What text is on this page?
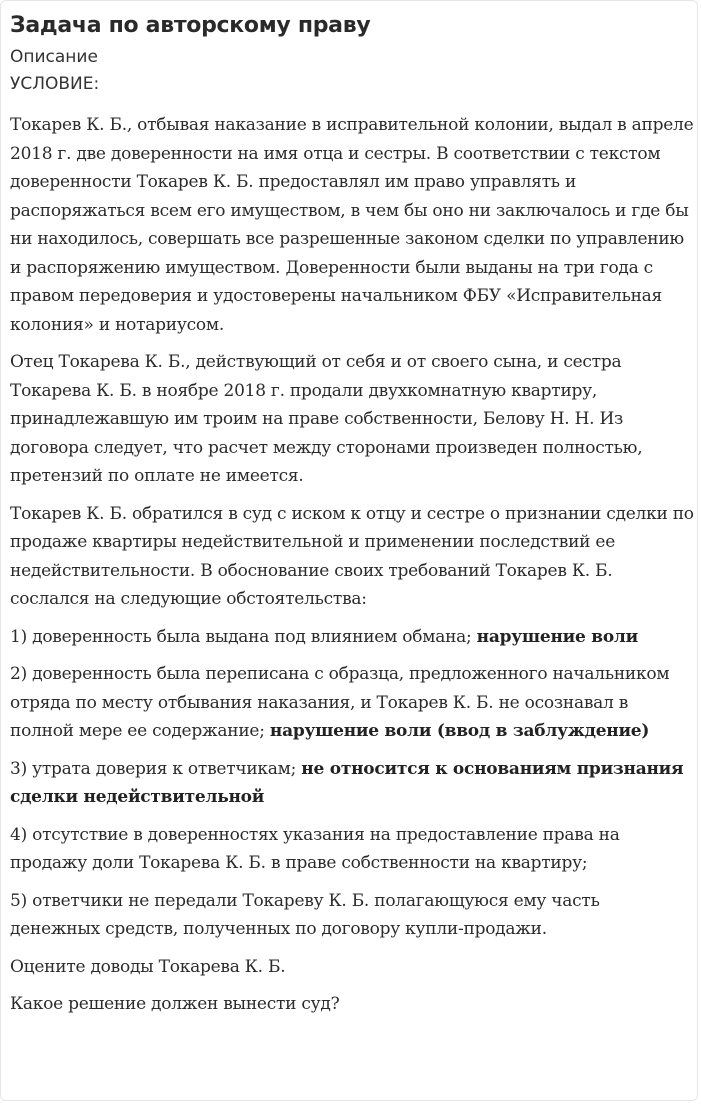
Задача по авторскому праву
Описание
УСЛОВИЕ:

Токарев К. Б., отбывая наказание в исправительной колонии, выдал в апреле 2018 г. две доверенности на имя отца и сестры. В соответствии с текстом доверенности Токарев К. Б. предоставлял им право управлять и распоряжаться всем его имуществом, в чем бы оно ни заключалось и где бы ни находилось, совершать все разрешенные законом сделки по управлению и распоряжению имуществом. Доверенности были выданы на три года с правом передоверия и удостоверены начальником ФБУ «Исправительная колония» и нотариусом.

Отец Токарева К. Б., действующий от себя и от своего сына, и сестра Токарева К. Б. в ноябре 2018 г. продали двухкомнатную квартиру, принадлежавшую им троим на праве собственности, Белову Н. Н. Из договора следует, что расчет между сторонами произведен полностью, претензий по оплате не имеется.

Токарев К. Б. обратился в суд с иском к отцу и сестре о признании сделки по продаже квартиры недействительной и применении последствий ее недействительности. В обоснование своих требований Токарев К. Б. сослался на следующие обстоятельства:

1) доверенность была выдана под влиянием обмана; нарушение воли

2) доверенность была переписана с образца, предложенного начальником отряда по месту отбывания наказания, и Токарев К. Б. не осознавал в полной мере ее содержание; нарушение воли (ввод в заблуждение)

3) утрата доверия к ответчикам; не относится к основаниям признания сделки недействительной

4) отсутствие в доверенностях указания на предоставление права на продажу доли Токарева К. Б. в праве собственности на квартиру;

5) ответчики не передали Токареву К. Б. полагающуюся ему часть денежных средств, полученных по договору купли-продажи.

Оцените доводы Токарева К. Б.

Какое решение должен вынести суд?
